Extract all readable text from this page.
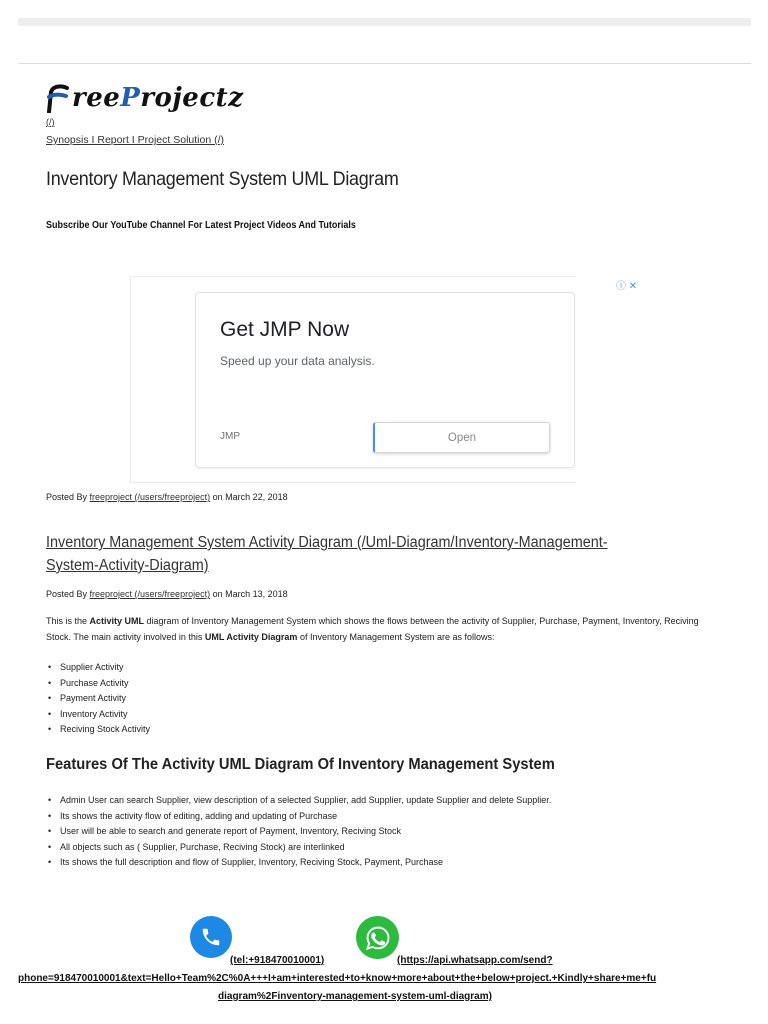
ree P rojectz
(/)
Synopsis I Report I Project Solution (/)
Inventory Management System UML Diagram
Subscribe Our YouTube Channel For Latest Project Videos And Tutorials
ⓘ ✕
Get JMP Now
Speed up your data analysis.
JMP	Open
Posted By freeproject (/users/freeproject) on March 22, 2018
Inventory Management System Activity Diagram (/Uml-Diagram/Inventory-Management-System-Activity-Diagram)
Posted By freeproject (/users/freeproject) on March 13, 2018

This is the Activity UML diagram of Inventory Management System which shows the flows between the activity of Supplier, Purchase, Payment, Inventory, Reciving Stock. The main activity involved in this UML Activity Diagram of Inventory Management System are as follows:

• Supplier Activity
• Purchase Activity
• Payment Activity
• Inventory Activity
• Reciving Stock Activity
Features Of The Activity UML Diagram Of Inventory Management System
• Admin User can search Supplier, view description of a selected Supplier, add Supplier, update Supplier and delete Supplier.
• Its shows the activity flow of editing, adding and updating of Purchase
• User will be able to search and generate report of Payment, Inventory, Reciving Stock
• All objects such as ( Supplier, Purchase, Reciving Stock) are interlinked
• Its shows the full description and flow of Supplier, Inventory, Reciving Stock, Payment, Purchase
(tel:+918470010001)	(https://api.whatsapp.com/send?
phone=918470010001&text=Hello+Team%2C%0A+++I+am+interested+to+know+more+about+the+below+project.+Kindly+share+me+fu
diagram%2Finventory-management-system-uml-diagram)
